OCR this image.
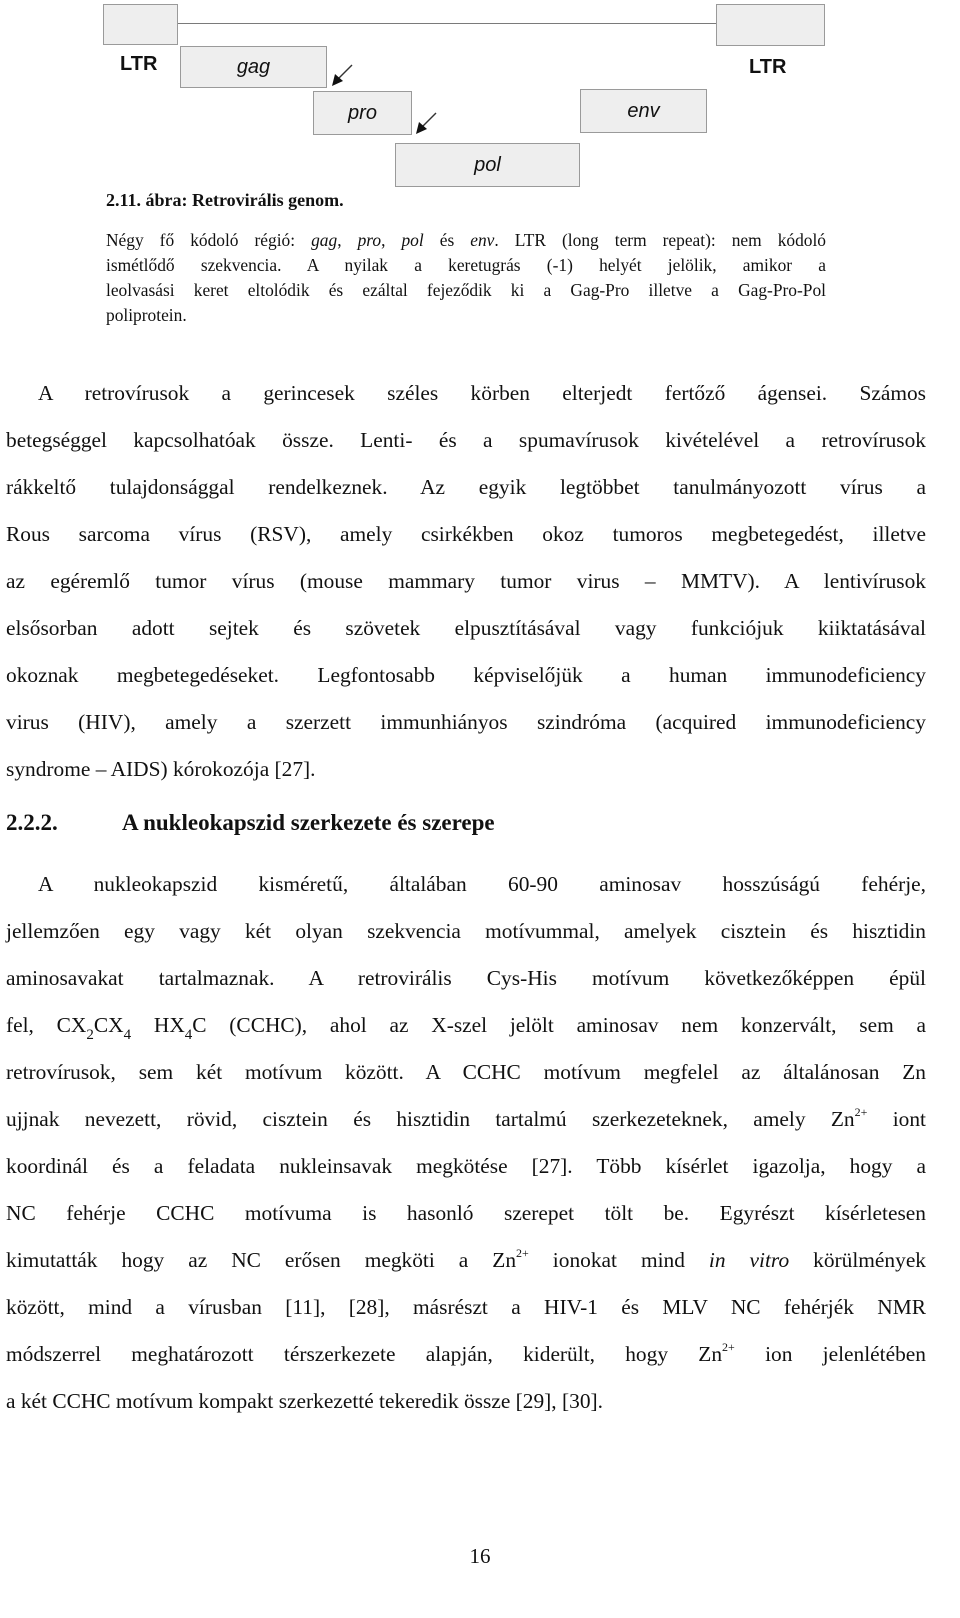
LTR	gag	LTR
pro	env
pol
2.11. ábra: Retrovirális genom.
Négy fő kódoló régió: gag, pro, pol és env. LTR (long term repeat): nem kódoló
ismétlődő szekvencia. A nyilak a keretugrás (-1) helyét jelölik, amikor a
leolvasási keret eltolódik és ezáltal fejeződik ki a Gag-Pro illetve a Gag-Pro-Pol
poliprotein.
A retrovírusok a gerincesek széles körben elterjedt fertőző ágensei. Számos
betegséggel kapcsolhatóak össze. Lenti- és a spumavírusok kivételével a retrovírusok
rákkeltő tulajdonsággal rendelkeznek. Az egyik legtöbbet tanulmányozott vírus a
Rous sarcoma vírus (RSV), amely csirkékben okoz tumoros megbetegedést, illetve
az egéremlő tumor vírus (mouse mammary tumor virus – MMTV). A lentivírusok
elsősorban adott sejtek és szövetek elpusztításával vagy funkciójuk kiiktatásával
okoznak megbetegedéseket. Legfontosabb képviselőjük a human immunodeficiency
virus (HIV), amely a szerzett immunhiányos szindróma (acquired immunodeficiency
syndrome – AIDS) kórokozója [27].
2.2.2.	A nukleokapszid szerkezete és szerepe
A nukleokapszid kisméretű, általában 60-90 aminosav hosszúságú fehérje,
jellemzően egy vagy két olyan szekvencia motívummal, amelyek cisztein és hisztidin
aminosavakat tartalmaznak. A retrovirális Cys-His motívum következőképpen épül
fel, $CX_2CX_4$ $HX_4C$ (CCHC), ahol az X-szel jelölt aminosav nem konzervált, sem a
retrovírusok, sem két motívum között. A CCHC motívum megfelel az általánosan Zn
ujjnak nevezett, rövid, cisztein és hisztidin tartalmú szerkezeteknek, amely $Zn^{2+}$ iont
koordinál és a feladata nukleinsavak megkötése [27]. Több kísérlet igazolja, hogy a
NC fehérje CCHC motívuma is hasonló szerepet tölt be. Egyrészt kísérletesen
kimutatták hogy az NC erősen megköti a $Zn^{2+}$ ionokat mind in vitro körülmények
között, mind a vírusban [11], [28], másrészt a HIV-1 és MLV NC fehérjék NMR
módszerrel meghatározott térszerkezete alapján, kiderült, hogy $Zn^{2+}$ ion jelenlétében
a két CCHC motívum kompakt szerkezetté tekeredik össze [29], [30].
16
